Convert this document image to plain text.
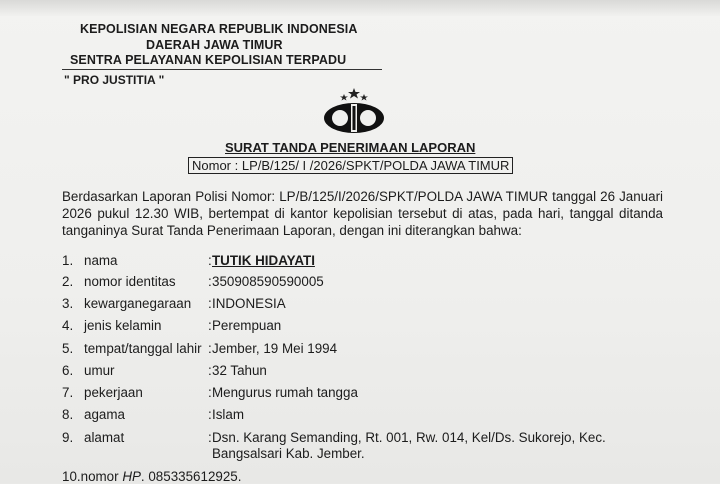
KEPOLISIAN NEGARA REPUBLIK INDONESIA
DAERAH JAWA TIMUR
SENTRA PELAYANAN KEPOLISIAN TERPADU
" PRO JUSTITIA "
SURAT TANDA PENERIMAAN LAPORAN
Nomor : LP/B/125/ I /2026/SPKT/POLDA JAWA TIMUR
Berdasarkan Laporan Polisi Nomor: LP/B/125/I/2026/SPKT/POLDA JAWA TIMUR tanggal 26 Januari 2026 pukul 12.30 WIB, bertempat di kantor kepolisian tersebut di atas, pada hari, tanggal ditanda tanganinya Surat Tanda Penerimaan Laporan, dengan ini diterangkan bahwa:
1. nama	: TUTIK HIDAYATI
2. nomor identitas : 350908590590005
3. kewarganegaraan : INDONESIA
4. jenis kelamin	: Perempuan
5. tempat/tanggal lahir : Jember, 19 Mei 1994
6. umur	: 32 Tahun
7. pekerjaan	: Mengurus rumah tangga
8. agama	: Islam
9. alamat	: Dsn. Karang Semanding, Rt. 001, Rw. 014, Kel/Ds. Sukorejo, Kec.
Bangsalsari Kab. Jember.
10.nomor HP. 085335612925.
